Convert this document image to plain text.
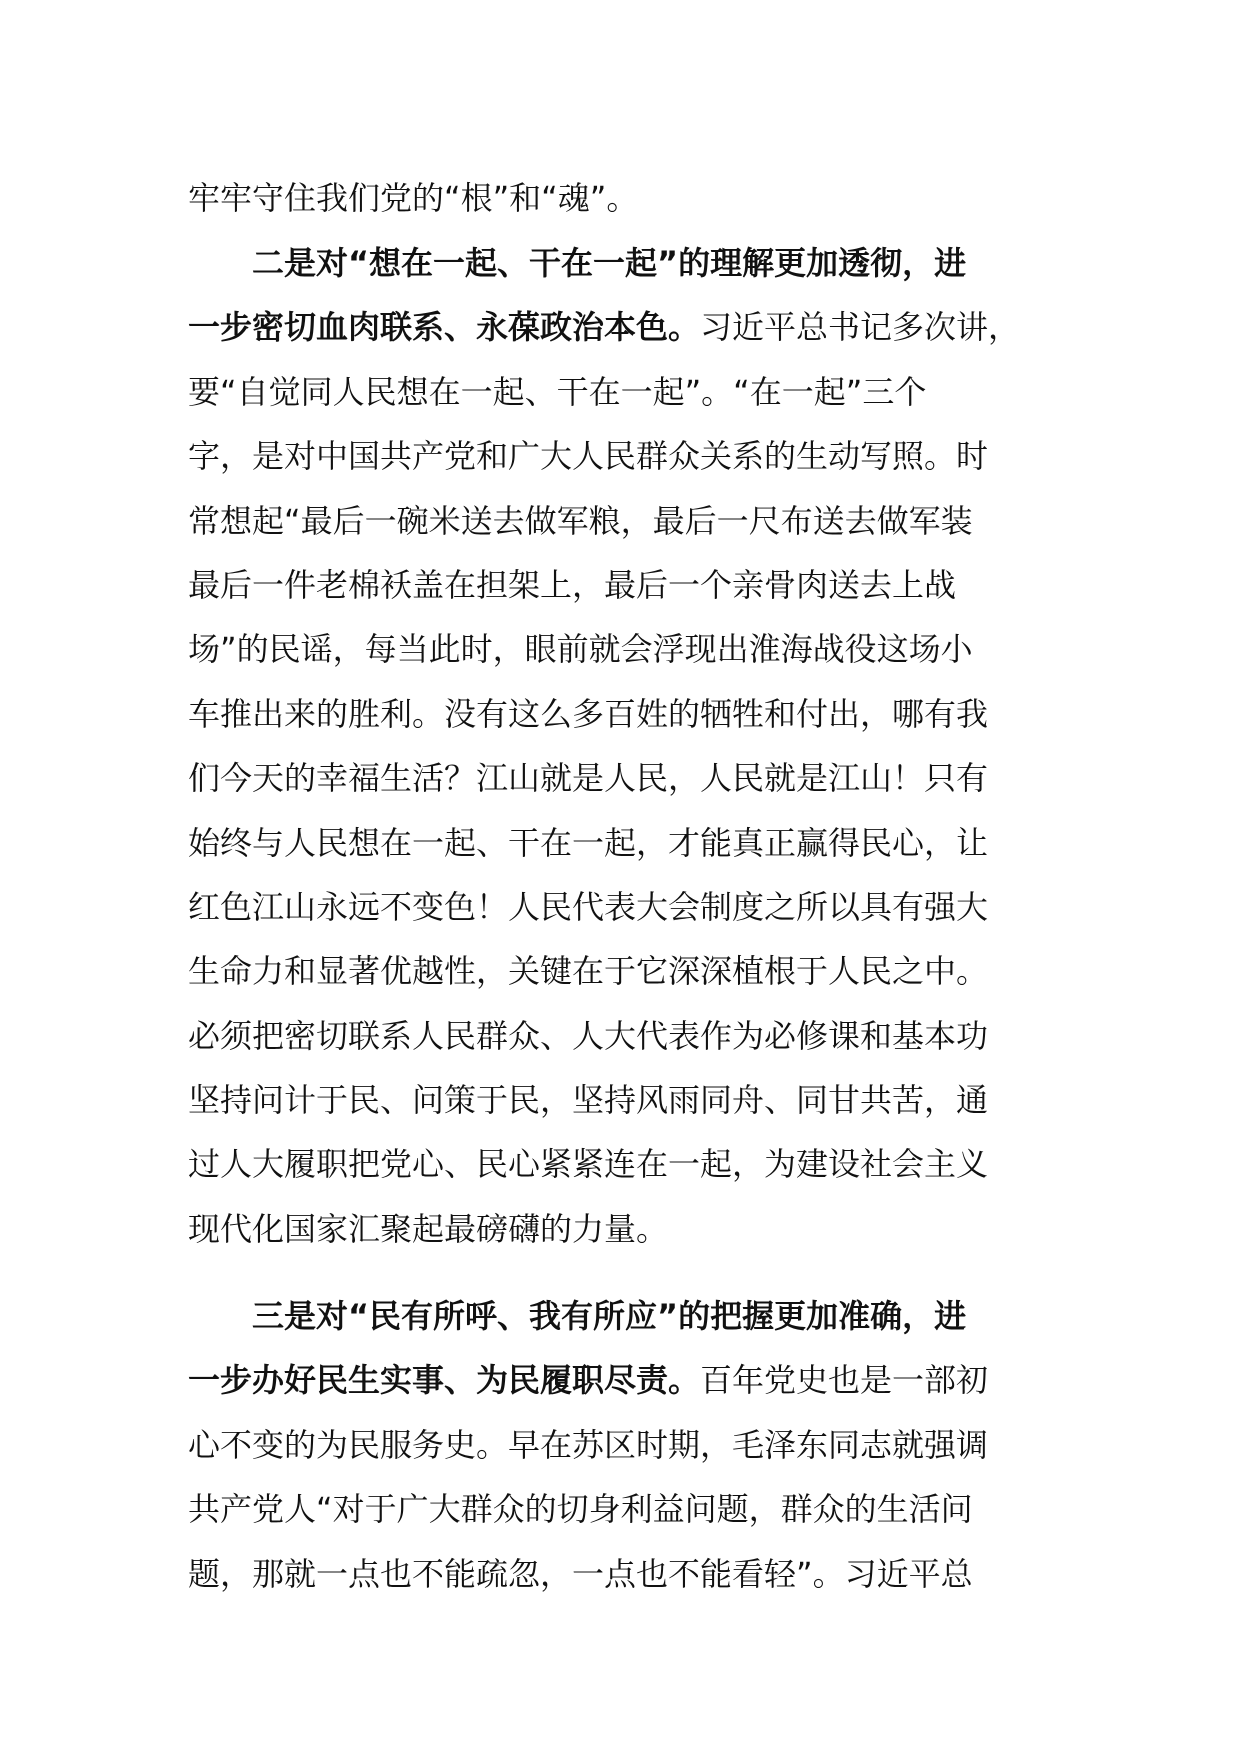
牢牢守住我们党的“根”和“魂”。
二是对“想在一起、干在一起”的理解更加透彻，进
一步密切血肉联系、永葆政治本色。习近平总书记多次讲，
要“自觉同人民想在一起、干在一起”。“在一起”三个
字，是对中国共产党和广大人民群众关系的生动写照。时
常想起“最后一碗米送去做军粮，最后一尺布送去做军装
最后一件老棉袄盖在担架上，最后一个亲骨肉送去上战
场”的民谣，每当此时，眼前就会浮现出淮海战役这场小
车推出来的胜利。没有这么多百姓的牺牲和付出，哪有我
们今天的幸福生活？江山就是人民，人民就是江山！只有
始终与人民想在一起、干在一起，才能真正赢得民心，让
红色江山永远不变色！人民代表大会制度之所以具有强大
生命力和显著优越性，关键在于它深深植根于人民之中。
必须把密切联系人民群众、人大代表作为必修课和基本功
坚持问计于民、问策于民，坚持风雨同舟、同甘共苦，通
过人大履职把党心、民心紧紧连在一起，为建设社会主义
现代化国家汇聚起最磅礴的力量。
三是对“民有所呼、我有所应”的把握更加准确，进
一步办好民生实事、为民履职尽责。百年党史也是一部初
心不变的为民服务史。早在苏区时期，毛泽东同志就强调
共产党人“对于广大群众的切身利益问题，群众的生活问
题，那就一点也不能疏忽，一点也不能看轻”。习近平总
